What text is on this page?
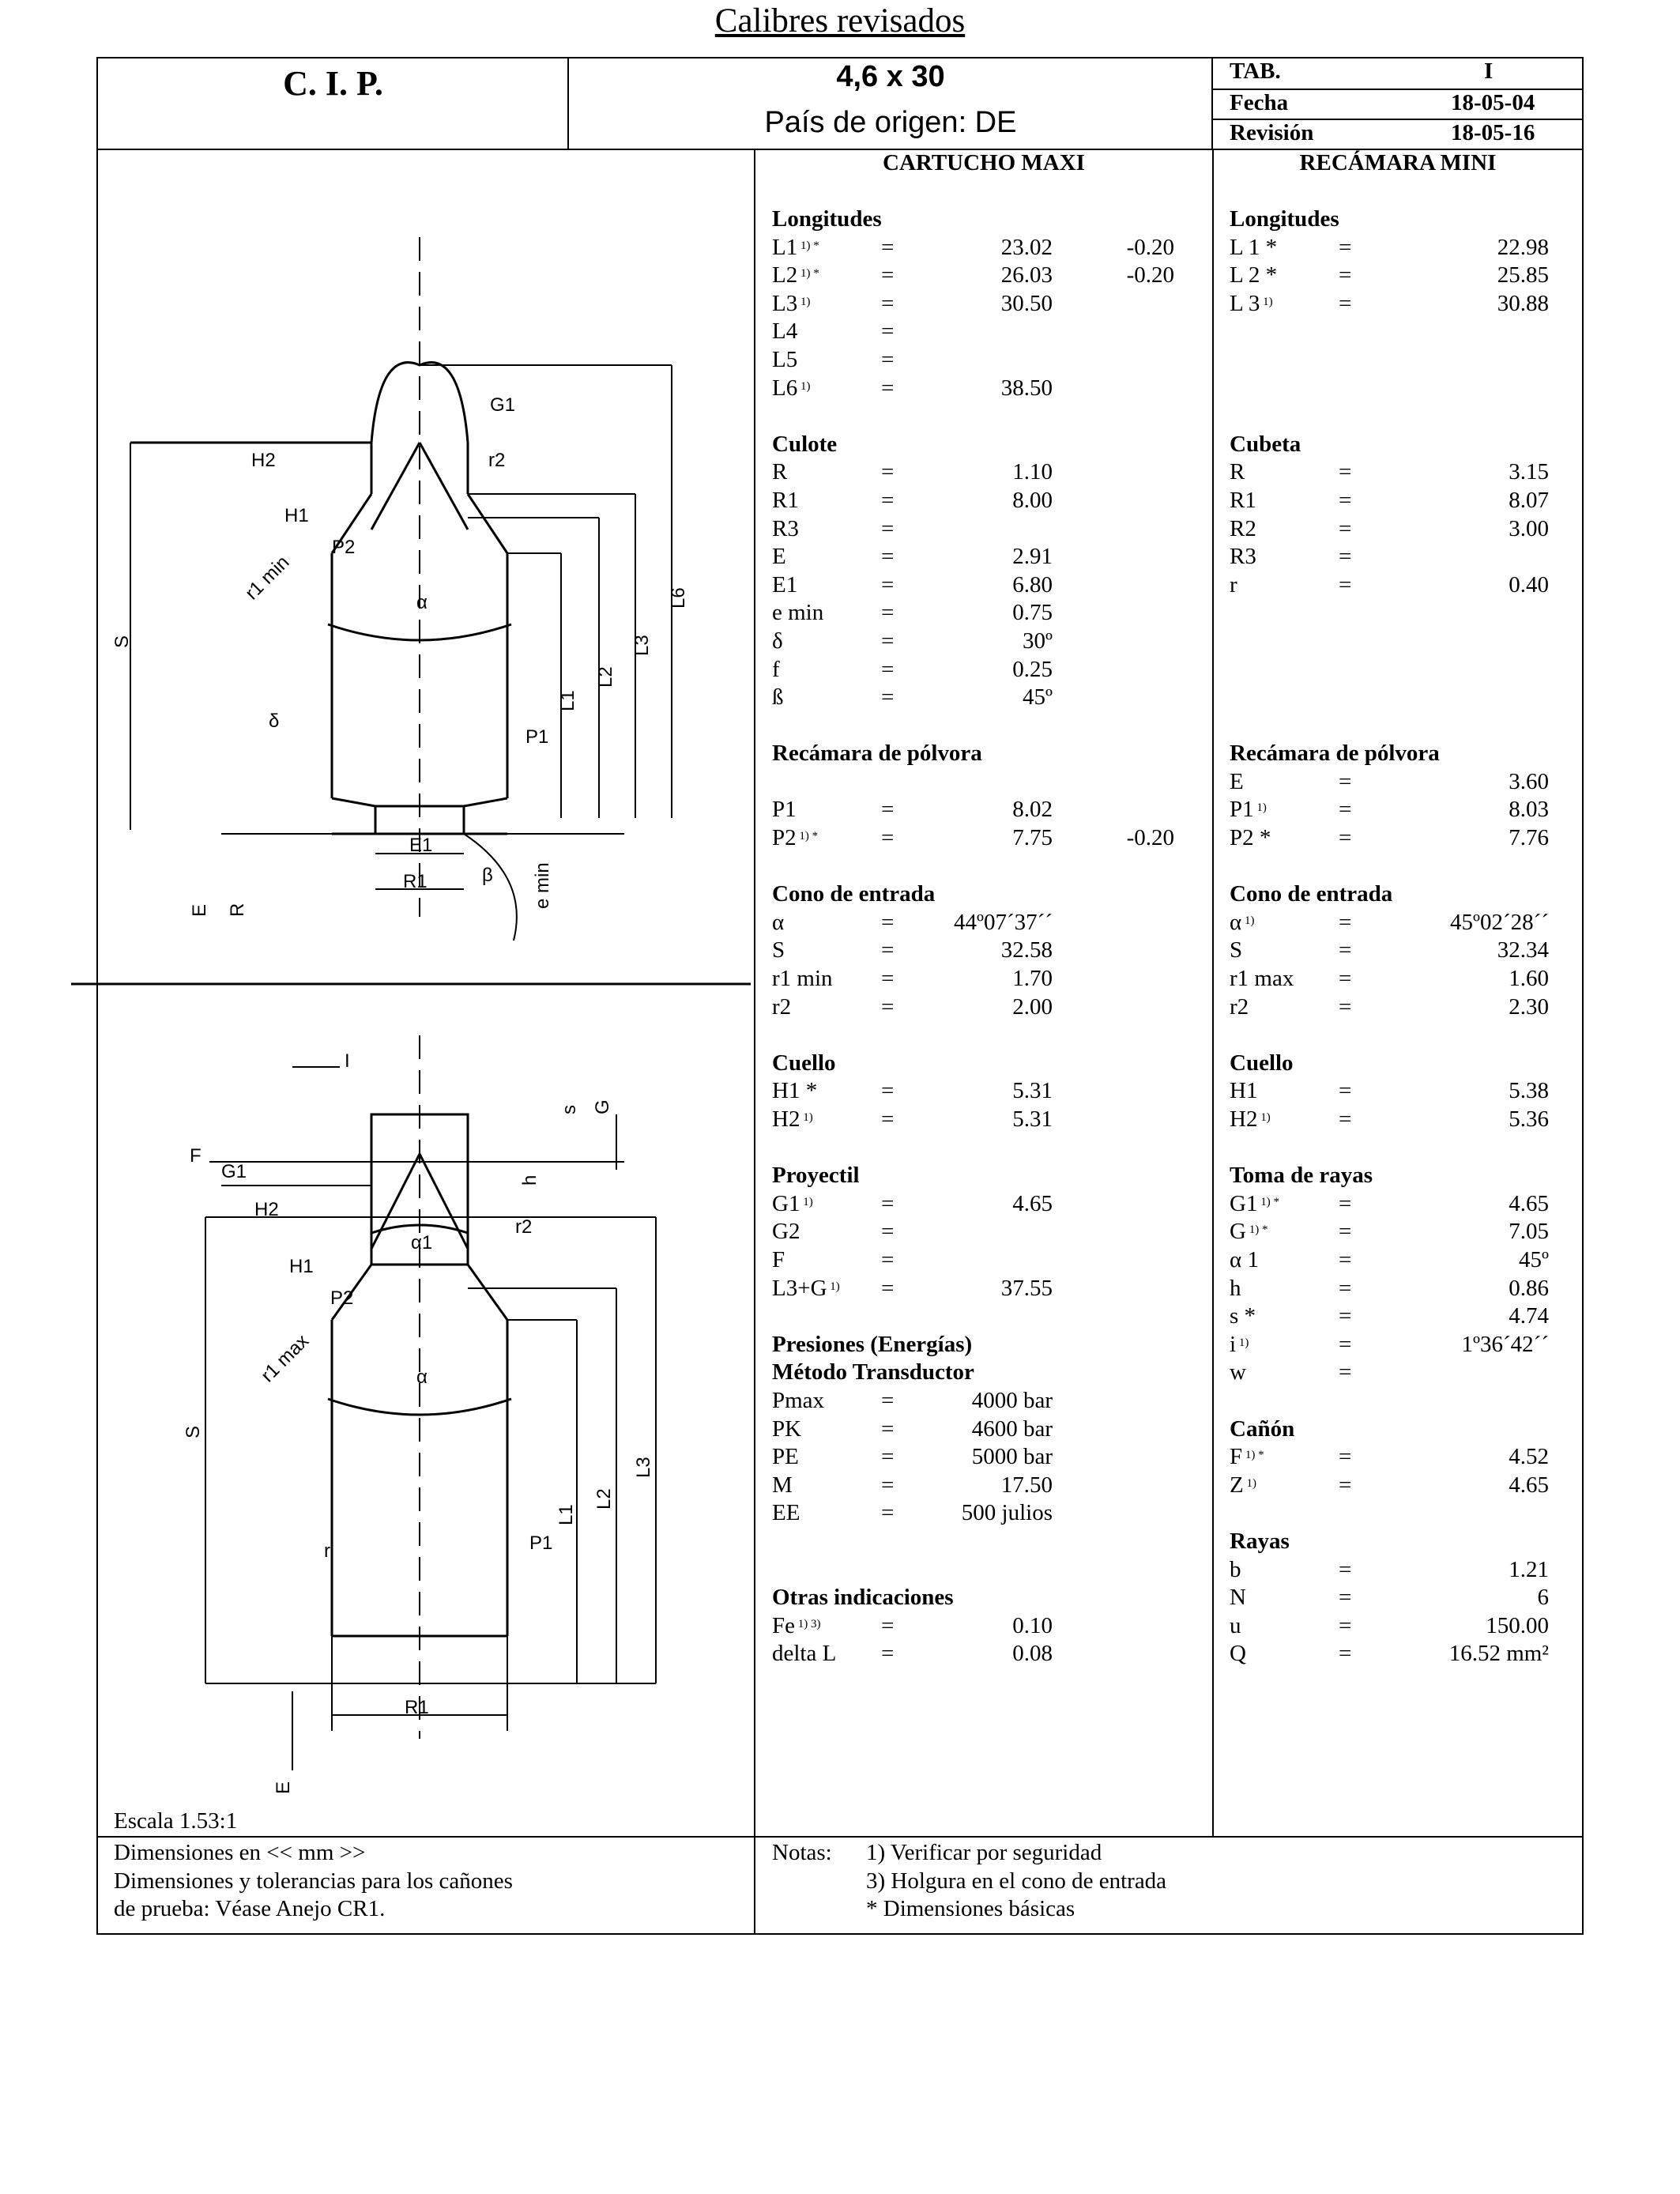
Calibres revisados
C. I. P.	4,6 x 30
País de origen: DE
TAB.	I
Fecha	18-05-04
Revisión	18-05-16
CARTUCHO MAXI	RECÁMARA MINI
Longitudes
L1 $^{1) *}$	=	23.02	-0.20
L2 $^{1) *}$	=	26.03	-0.20
L3 $^{1)}$	=	30.50
L4	=
L5	=
L6 $^{1)}$	=	38.50
Culote
R	=	1.10
R1	=	8.00
R3	=
E	=	2.91
E1	=	6.80
e min	=	0.75
δ	=	30º
f	=	0.25
ß	=	45º
Recámara de pólvora
P1	=	8.02
P2 $^{1) *}$	=	7.75	-0.20
Cono de entrada
α	=	44º07´37´´
S	=	32.58
r1 min =	1.70
r2	=	2.00
Cuello
H1 *	=	5.31
H2 $^{1)}$	=	5.31
Proyectil
G1 $^{1)}$	=	4.65
G2	=
F	=
L3+G $^{1)}$ =	37.55
Presiones (Energías)
Método Transductor
Pmax =	4000 bar
PK	=	4600 bar
PE	=	5000 bar
M	=	17.50
EE	=	500 julios
Otras indicaciones
Fe $^{1) 3)}$	=	0.10
delta L =	0.08
Longitudes
L 1 *	=	22.98
L 2 *	=	25.85
L 3 $^{1)}$	=	30.88
Cubeta
R	=	3.15
R1	=	8.07
R2	=	3.00
R3	=
r	=	0.40
Recámara de pólvora
E	=	3.60
P1 $^{1)}$	=	8.03
P2 *	=	7.76
Cono de entrada
α $^{1)}$	=	45º02´28´´
S	=	32.34
r1 max =	1.60
r2	=	2.30
Cuello
H1	=	5.38
H2 $^{1)}$	=	5.36
Toma de rayas
G1 $^{1) *}$	=	4.65
G $^{1) *}$	=	7.05
α 1	=	45º
h	=	0.86
s *	=	4.74
i $^{1)}$	=	1º36´42´´
w	=
Cañón
F $^{1) *}$	=	4.52
Z $^{1)}$	=	4.65
Rayas
b	=	1.21
N	=	6
u	=	150.00
Q	=	16.52 mm²
H2
H1
P2
G1
r2
r1 min	α
S
L6
L3
L2
L1
δ
P1
E1
R1	β e min
E R
I
G
s
F
h
G1
H2
r2
H1
α1
P2
r1 max	α
S
L1
L2
L3
r	P1
R1
E
Escala 1.53:1
Dimensiones en << mm >>
Dimensiones y tolerancias para los cañones
de prueba: Véase Anejo CR1.
Notas: 1) Verificar por seguridad
3) Holgura en el cono de entrada
* Dimensiones básicas
